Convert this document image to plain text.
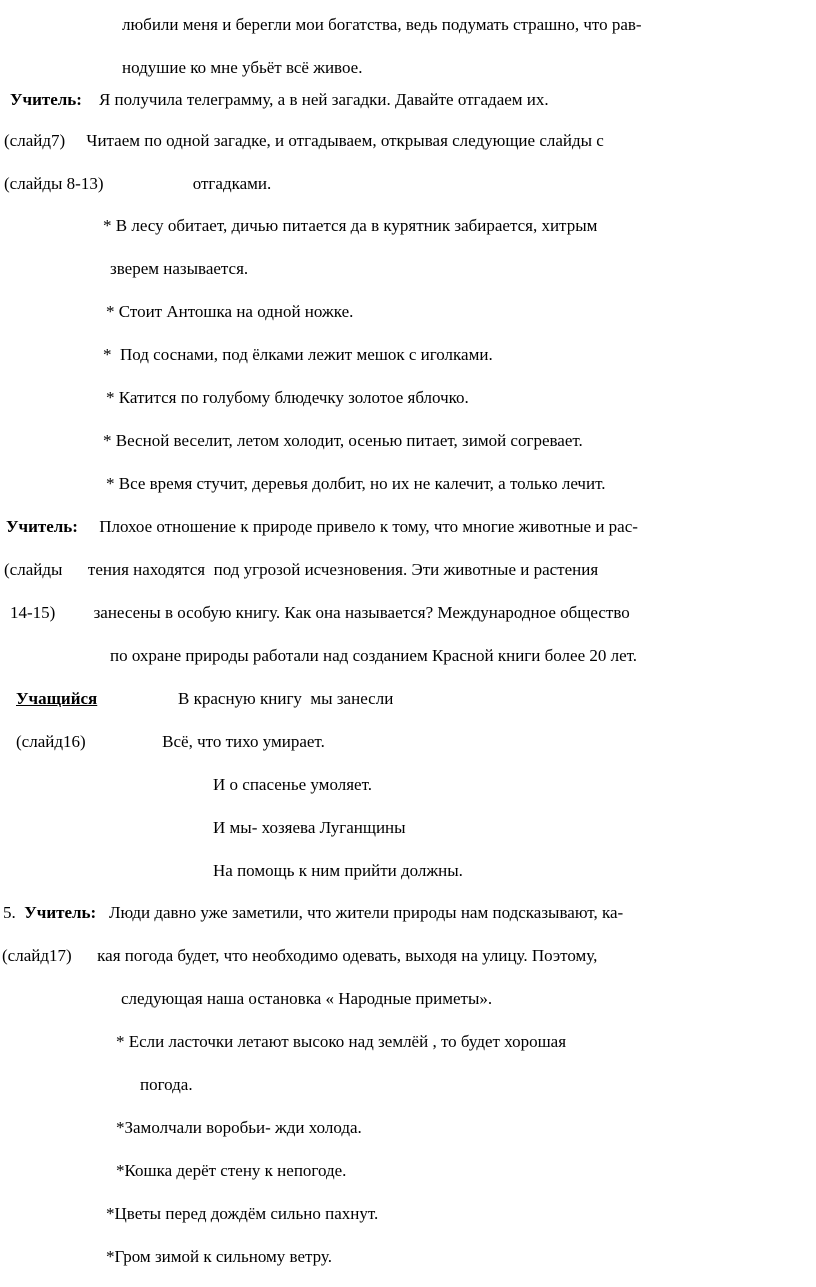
любили меня и берегли мои богатства, ведь подумать страшно, что рав-
нодушие ко мне убьёт всё живое.
Учитель:    Я получила телеграмму, а в ней загадки. Давайте отгадаем их.
(слайд7)     Читаем по одной загадке, и отгадываем, открывая следующие слайды с
(слайды 8-13)                     отгадками.
* В лесу обитает, дичью питается да в курятник забирается, хитрым
зверем называется.
* Стоит Антошка на одной ножке.
*  Под соснами, под ёлками лежит мешок с иголками.
* Катится по голубому блюдечку золотое яблочко.
* Весной веселит, летом холодит, осенью питает, зимой согревает.
* Все время стучит, деревья долбит, но их не калечит, а только лечит.
Учитель:     Плохое отношение к природе привело к тому, что многие животные и рас-
(слайды      тения находятся  под угрозой исчезновения. Эти животные и растения
14-15)         занесены в особую книгу. Как она называется? Международное общество
по охране природы работали над созданием Красной книги более 20 лет.
Учащийся                   В красную книгу  мы занесли
(слайд16)                  Всё, что тихо умирает.
И о спасенье умоляет.
И мы- хозяева Луганщины
На помощь к ним прийти должны.
5.  Учитель:   Люди давно уже заметили, что жители природы нам подсказывают, ка-
(слайд17)      кая погода будет, что необходимо одевать, выходя на улицу. Поэтому,
следующая наша остановка « Народные приметы».
* Если ласточки летают высоко над землёй , то будет хорошая
погода.
*Замолчали воробьи- жди холода.
*Кошка дерёт стену к непогоде.
*Цветы перед дождём сильно пахнут.
*Гром зимой к сильному ветру.
